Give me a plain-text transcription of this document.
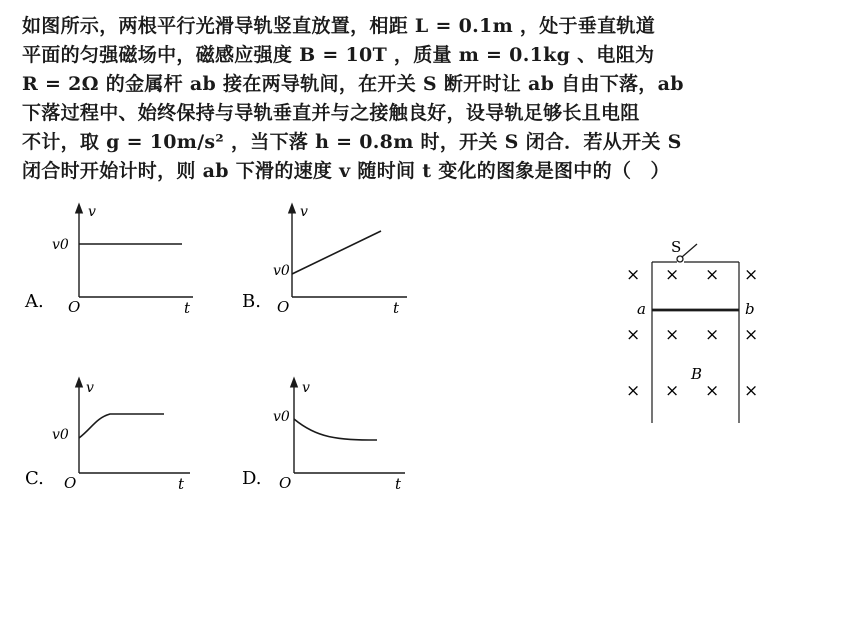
如图所示，两根平行光滑导轨竖直放置，相距 L = 0.1m ，处于垂直轨道
平面的匀强磁场中，磁感应强度 B = 10T ，质量 m = 0.1kg 、电阻为
R = 2Ω 的金属杆 ab 接在两导轨间，在开关 S 断开时让 ab 自由下落，ab
下落过程中、始终保持与导轨垂直并与之接触良好，设导轨足够长且电阻
不计，取 g = 10m/s² ，当下落 h = 0.8m 时，开关 S 闭合．若从开关 S
闭合时开始计时，则 ab 下滑的速度 v 随时间 t 变化的图象是图中的（　）
v
v0
O	t
A.
v
v0
O	t
B.
v
v0
O	t
C.
v
v0
O	t
D.
S
a	b
B
× × × ×
× × × ×
× × × ×
